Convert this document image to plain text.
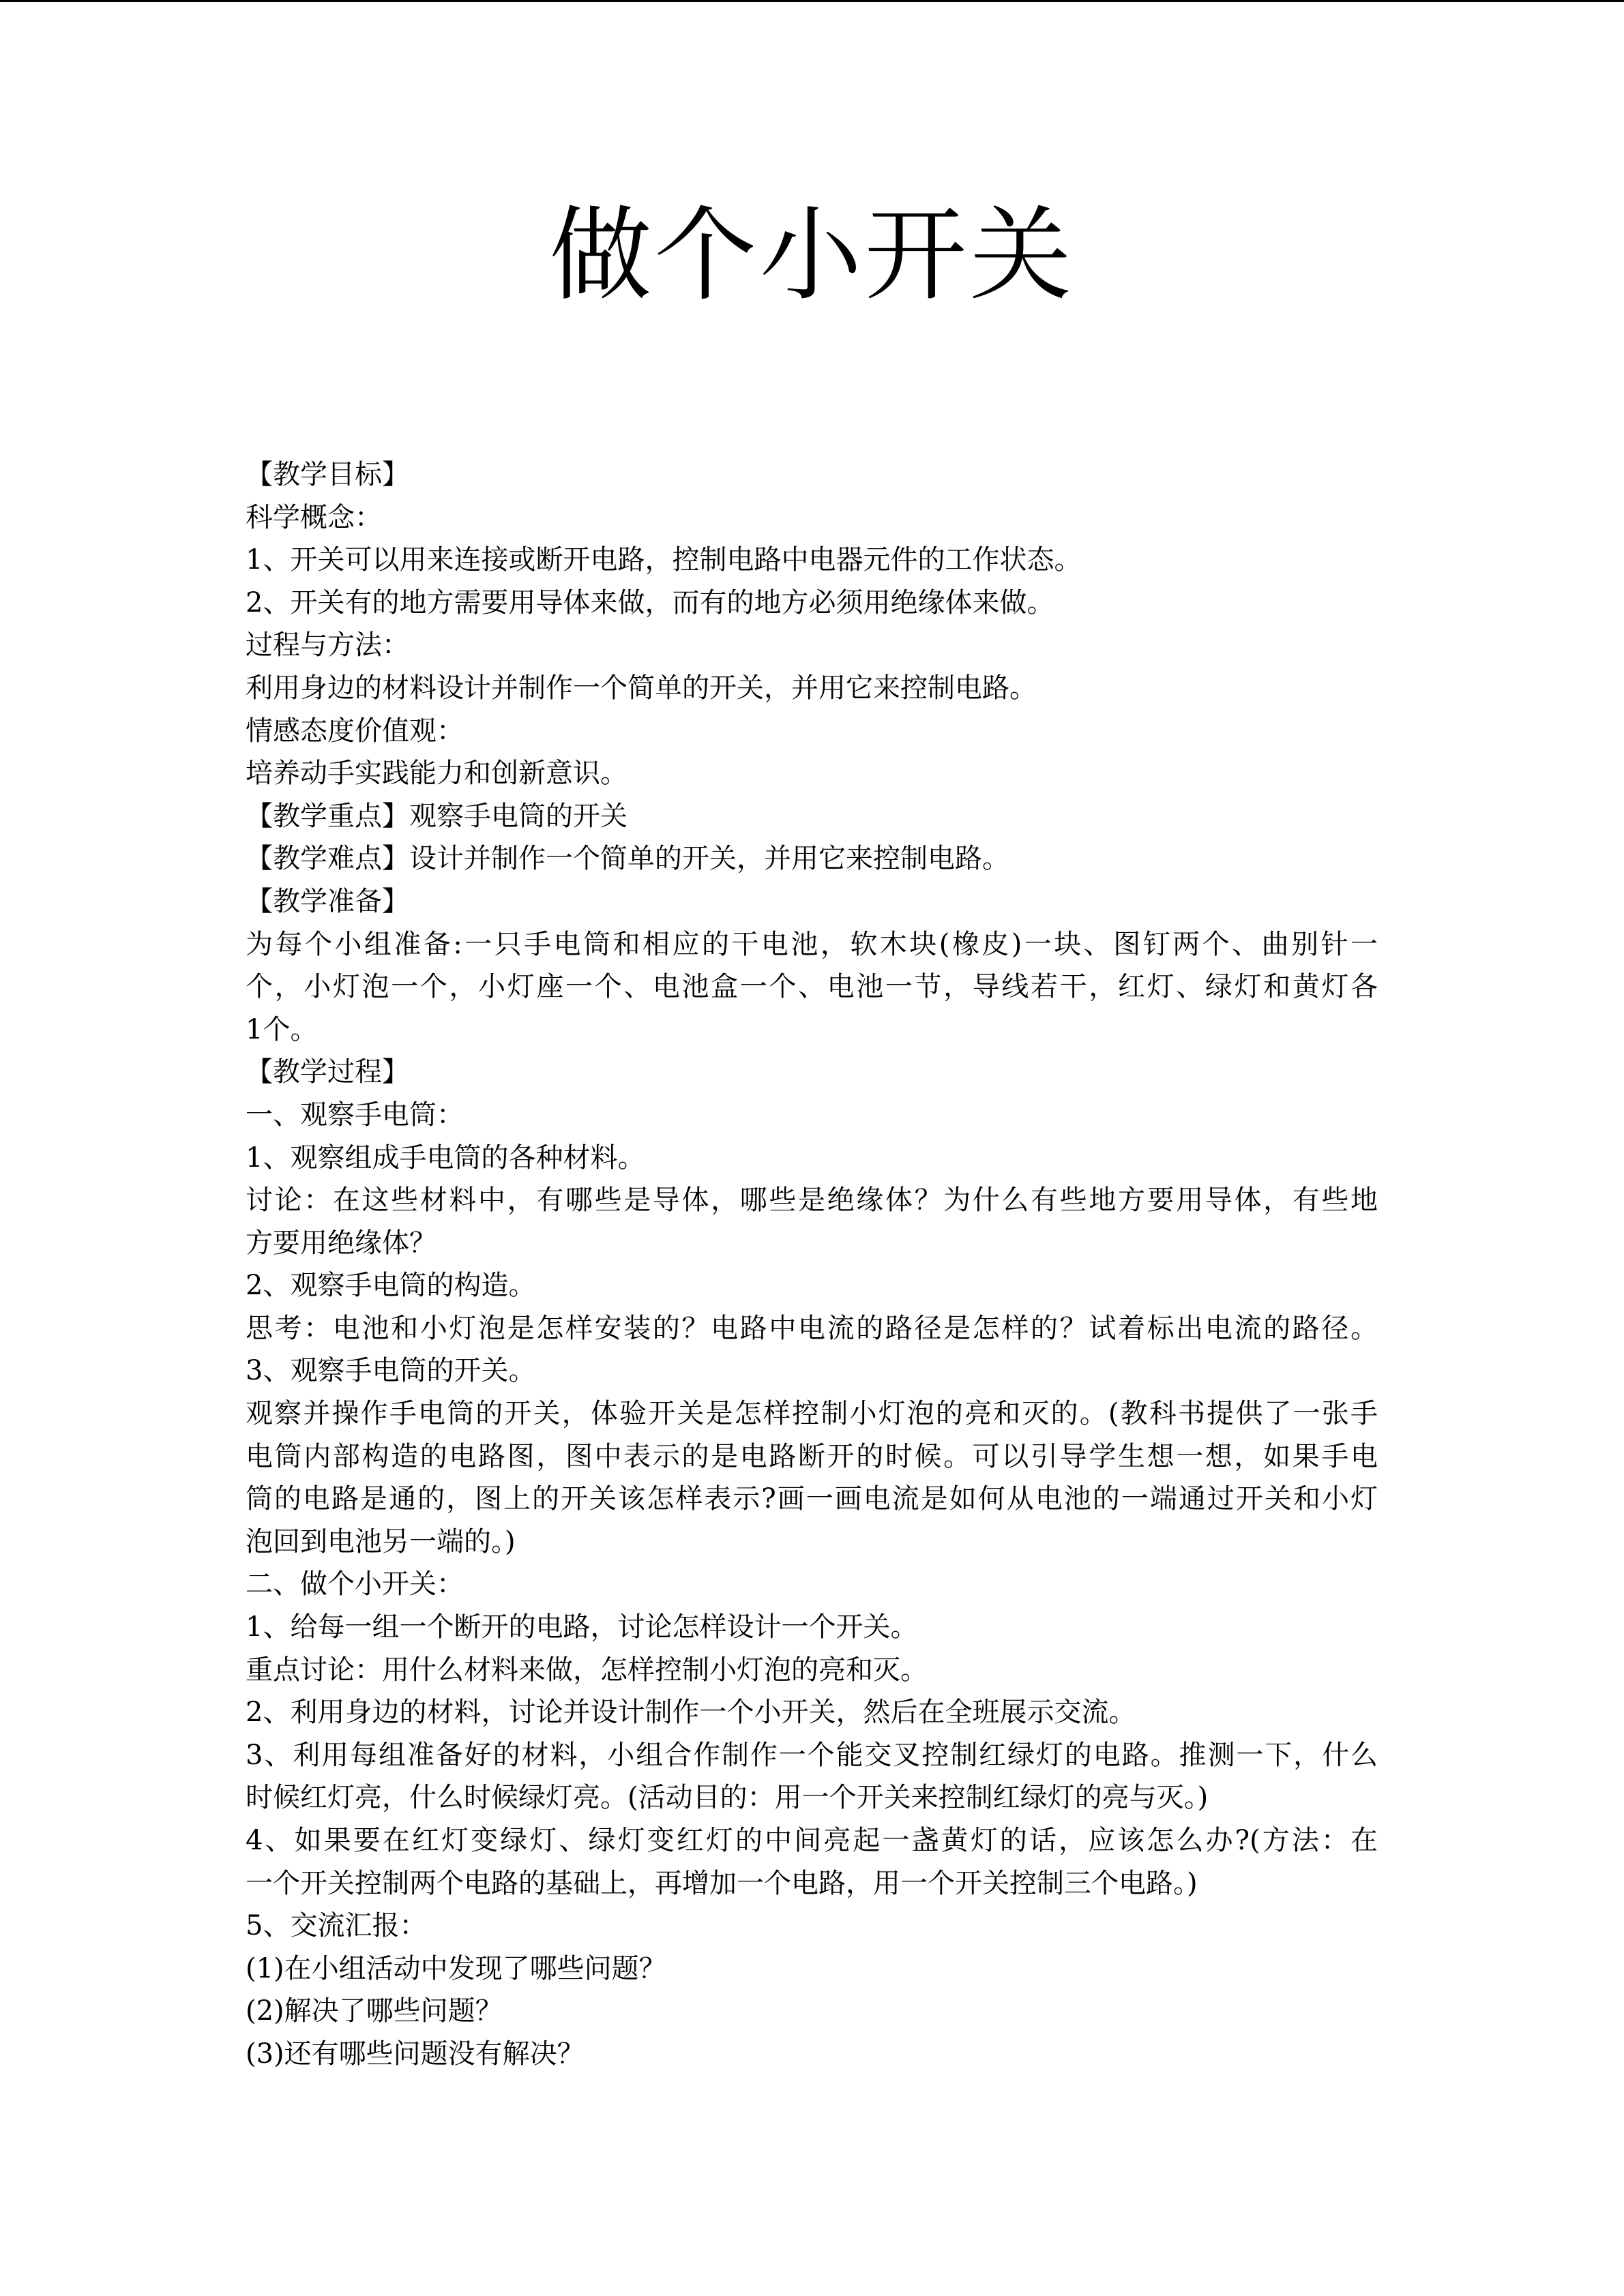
做个小开关
【教学目标】
科学概念：
1、开关可以用来连接或断开电路，控制电路中电器元件的工作状态。
2、开关有的地方需要用导体来做，而有的地方必须用绝缘体来做。
过程与方法：
利用身边的材料设计并制作一个简单的开关，并用它来控制电路。
情感态度价值观：
培养动手实践能力和创新意识。
【教学重点】观察手电筒的开关
【教学难点】设计并制作一个简单的开关，并用它来控制电路。
【教学准备】
为每个小组准备:一只手电筒和相应的干电池，软木块(橡皮)一块、图钉两个、曲别针一
个，小灯泡一个，小灯座一个、电池盒一个、电池一节，导线若干，红灯、绿灯和黄灯各
1个。
【教学过程】
一、观察手电筒：
1、观察组成手电筒的各种材料。
讨论：在这些材料中，有哪些是导体，哪些是绝缘体？为什么有些地方要用导体，有些地
方要用绝缘体？
2、观察手电筒的构造。
思考：电池和小灯泡是怎样安装的？电路中电流的路径是怎样的？试着标出电流的路径。
3、观察手电筒的开关。
观察并操作手电筒的开关，体验开关是怎样控制小灯泡的亮和灭的。(教科书提供了一张手
电筒内部构造的电路图，图中表示的是电路断开的时候。可以引导学生想一想，如果手电
筒的电路是通的，图上的开关该怎样表示?画一画电流是如何从电池的一端通过开关和小灯
泡回到电池另一端的。)
二、做个小开关：
1、给每一组一个断开的电路，讨论怎样设计一个开关。
重点讨论：用什么材料来做，怎样控制小灯泡的亮和灭。
2、利用身边的材料，讨论并设计制作一个小开关，然后在全班展示交流。
3、利用每组准备好的材料，小组合作制作一个能交叉控制红绿灯的电路。推测一下，什么
时候红灯亮，什么时候绿灯亮。(活动目的：用一个开关来控制红绿灯的亮与灭。)
4、如果要在红灯变绿灯、绿灯变红灯的中间亮起一盏黄灯的话，应该怎么办?(方法：在
一个开关控制两个电路的基础上，再增加一个电路，用一个开关控制三个电路。)
5、交流汇报：
(1)在小组活动中发现了哪些问题？
(2)解决了哪些问题？
(3)还有哪些问题没有解决？
